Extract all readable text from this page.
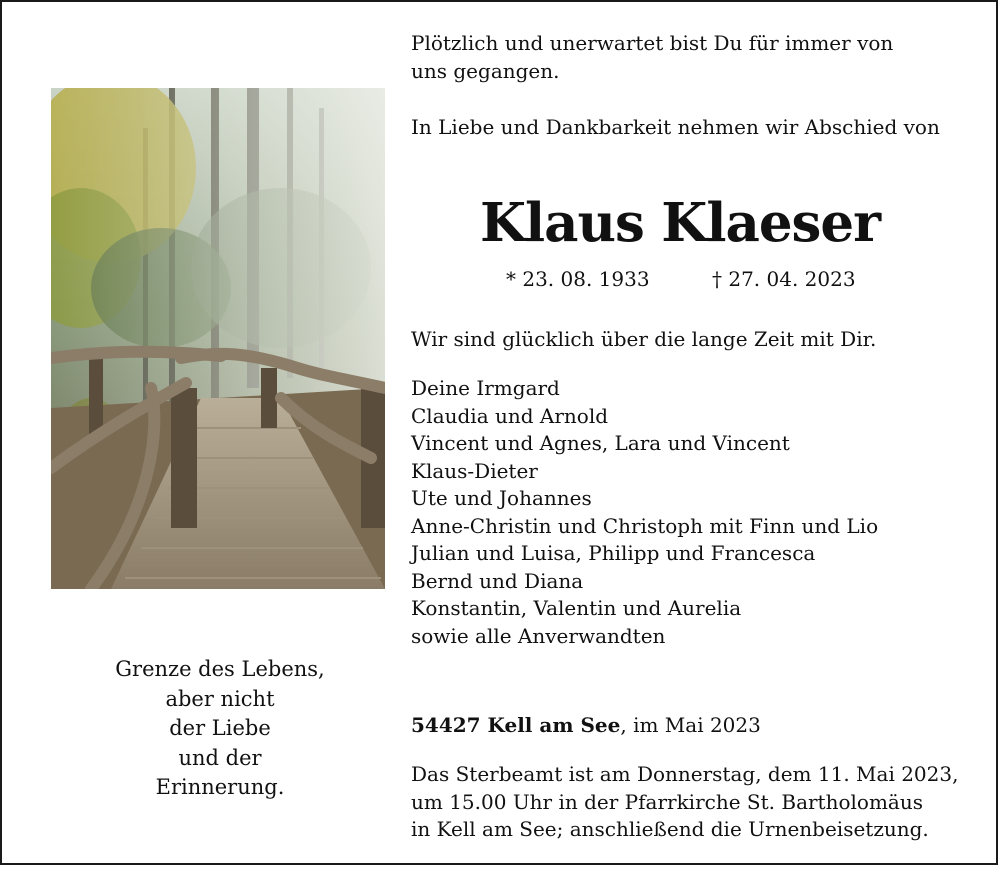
Grenze des Lebens,
aber nicht
der Liebe
und der
Erinnerung.
Plötzlich und unerwartet bist Du für immer von
uns gegangen.
In Liebe und Dankbarkeit nehmen wir Abschied von
Klaus Klaeser
* 23. 08. 1933	† 27. 04. 2023
Wir sind glücklich über die lange Zeit mit Dir.
Deine Irmgard
Claudia und Arnold
Vincent und Agnes, Lara und Vincent
Klaus-Dieter
Ute und Johannes
Anne-Christin und Christoph mit Finn und Lio
Julian und Luisa, Philipp und Francesca
Bernd und Diana
Konstantin, Valentin und Aurelia
sowie alle Anverwandten
54427 Kell am See, im Mai 2023
Das Sterbeamt ist am Donnerstag, dem 11. Mai 2023,
um 15.00 Uhr in der Pfarrkirche St. Bartholomäus
in Kell am See; anschließend die Urnenbeisetzung.
